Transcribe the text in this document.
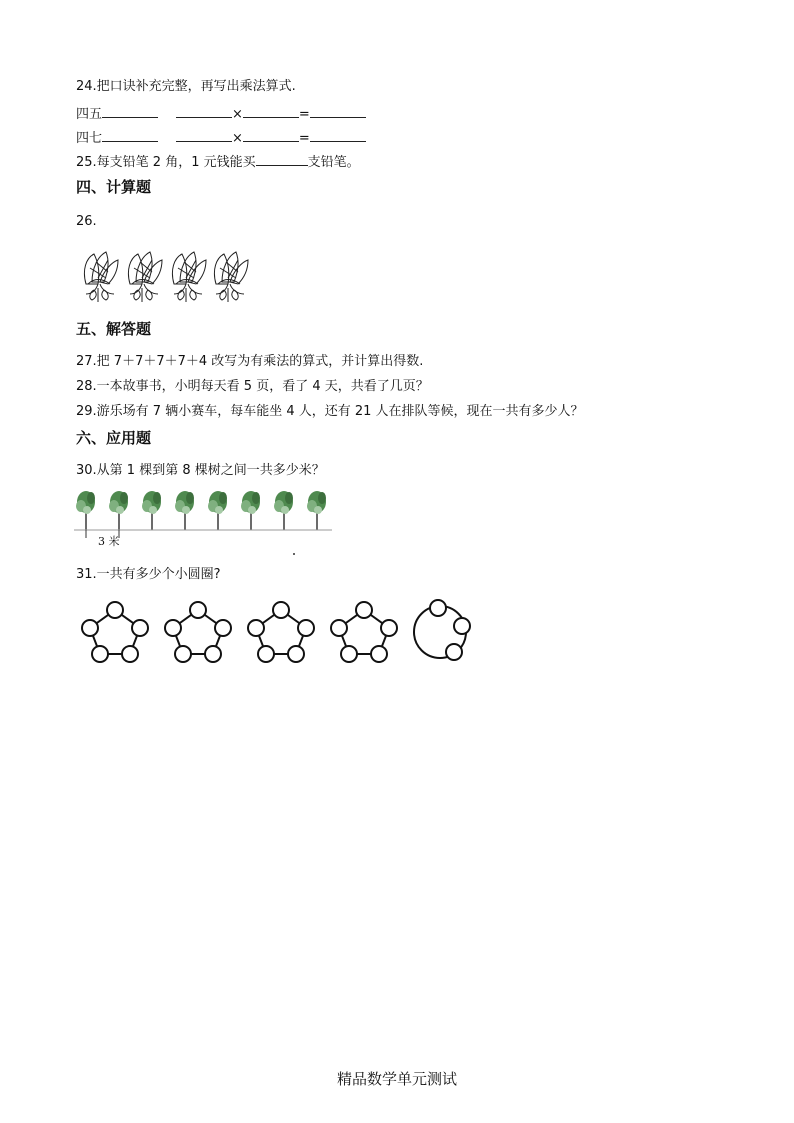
24.把口诀补充完整，再写出乘法算式.
四五	×	=
四七	×	=
25.每支铅笔 2 角，1 元钱能买	支铅笔。
四、计算题
26.
五、解答题
27.把 7＋7＋7＋7＋4 改写为有乘法的算式，并计算出得数.
28.一本故事书，小明每天看 5 页，看了 4 天，共看了几页？
29.游乐场有 7 辆小赛车，每车能坐 4 人，还有 21 人在排队等候，现在一共有多少人？
六、应用题
30.从第 1 棵到第 8 棵树之间一共多少米？
3 米
31.一共有多少个小圆圈?
精品数学单元测试
